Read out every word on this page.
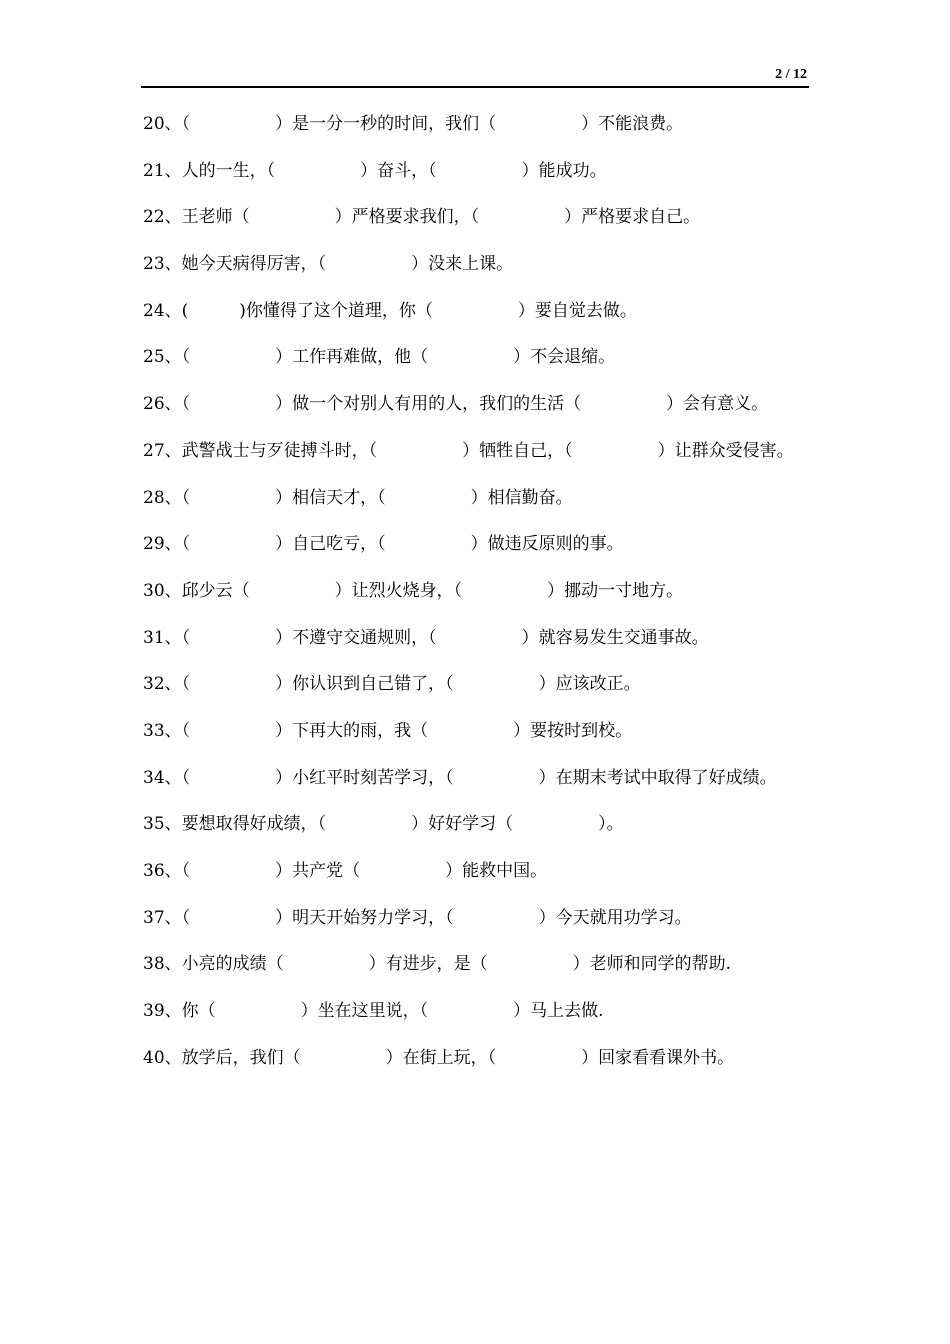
2 / 12
20、（　　　　　）是一分一秒的时间，我们（　　　　　）不能浪费。
21、人的一生，（　　　　　）奋斗，（　　　　　）能成功。
22、王老师（　　　　　）严格要求我们，（　　　　　）严格要求自己。
23、她今天病得厉害，（　　　　　）没来上课。
24、(　　　)你懂得了这个道理，你（　　　　　）要自觉去做。
25、（　　　　　）工作再难做，他（　　　　　）不会退缩。
26、（　　　　　）做一个对别人有用的人，我们的生活（　　　　　）会有意义。
27、武警战士与歹徒搏斗时，（　　　　　）牺牲自己，（　　　　　）让群众受侵害。
28、（　　　　　）相信天才，（　　　　　）相信勤奋。
29、（　　　　　）自己吃亏，（　　　　　）做违反原则的事。
30、邱少云（　　　　　）让烈火烧身，（　　　　　）挪动一寸地方。
31、（　　　　　）不遵守交通规则，（　　　　　）就容易发生交通事故。
32、（　　　　　）你认识到自己错了，（　　　　　）应该改正。
33、（　　　　　）下再大的雨，我（　　　　　）要按时到校。
34、（　　　　　）小红平时刻苦学习，（　　　　　）在期末考试中取得了好成绩。
35、要想取得好成绩，（　　　　　）好好学习（　　　　　）。
36、（　　　　　）共产党（　　　　　）能救中国。
37、（　　　　　）明天开始努力学习，（　　　　　）今天就用功学习。
38、小亮的成绩（　　　　　）有进步，是（　　　　　）老师和同学的帮助.
39、你（　　　　　）坐在这里说，（　　　　　）马上去做.
40、放学后，我们（　　　　　）在街上玩，（　　　　　）回家看看课外书。
